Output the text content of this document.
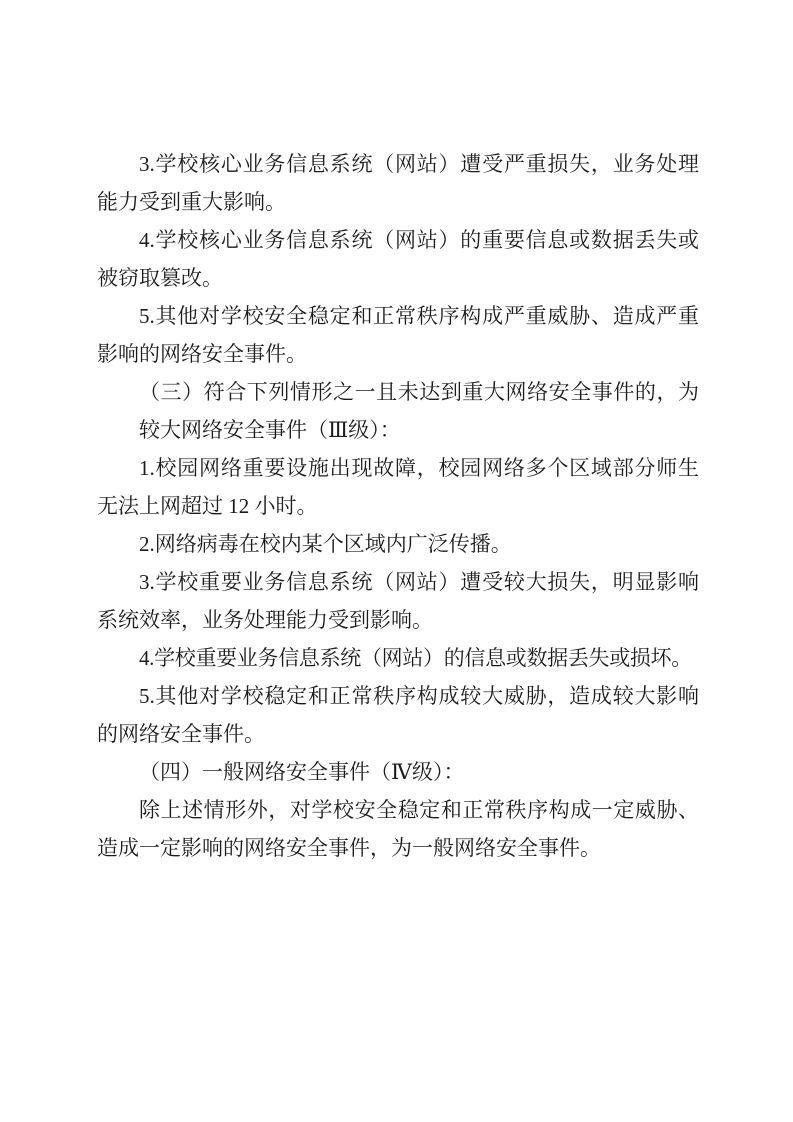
3.学校核心业务信息系统（网站）遭受严重损失，业务处理能力受到重大影响。

4.学校核心业务信息系统（网站）的重要信息或数据丢失或被窃取篡改。

5.其他对学校安全稳定和正常秩序构成严重威胁、造成严重影响的网络安全事件。

（三）符合下列情形之一且未达到重大网络安全事件的，为较大网络安全事件（Ⅲ级）：

1.校园网络重要设施出现故障，校园网络多个区域部分师生无法上网超过 12 小时。

2.网络病毒在校内某个区域内广泛传播。

3.学校重要业务信息系统（网站）遭受较大损失，明显影响系统效率，业务处理能力受到影响。

4.学校重要业务信息系统（网站）的信息或数据丢失或损坏。

5.其他对学校稳定和正常秩序构成较大威胁，造成较大影响的网络安全事件。

（四）一般网络安全事件（Ⅳ级）：

除上述情形外，对学校安全稳定和正常秩序构成一定威胁、造成一定影响的网络安全事件，为一般网络安全事件。
